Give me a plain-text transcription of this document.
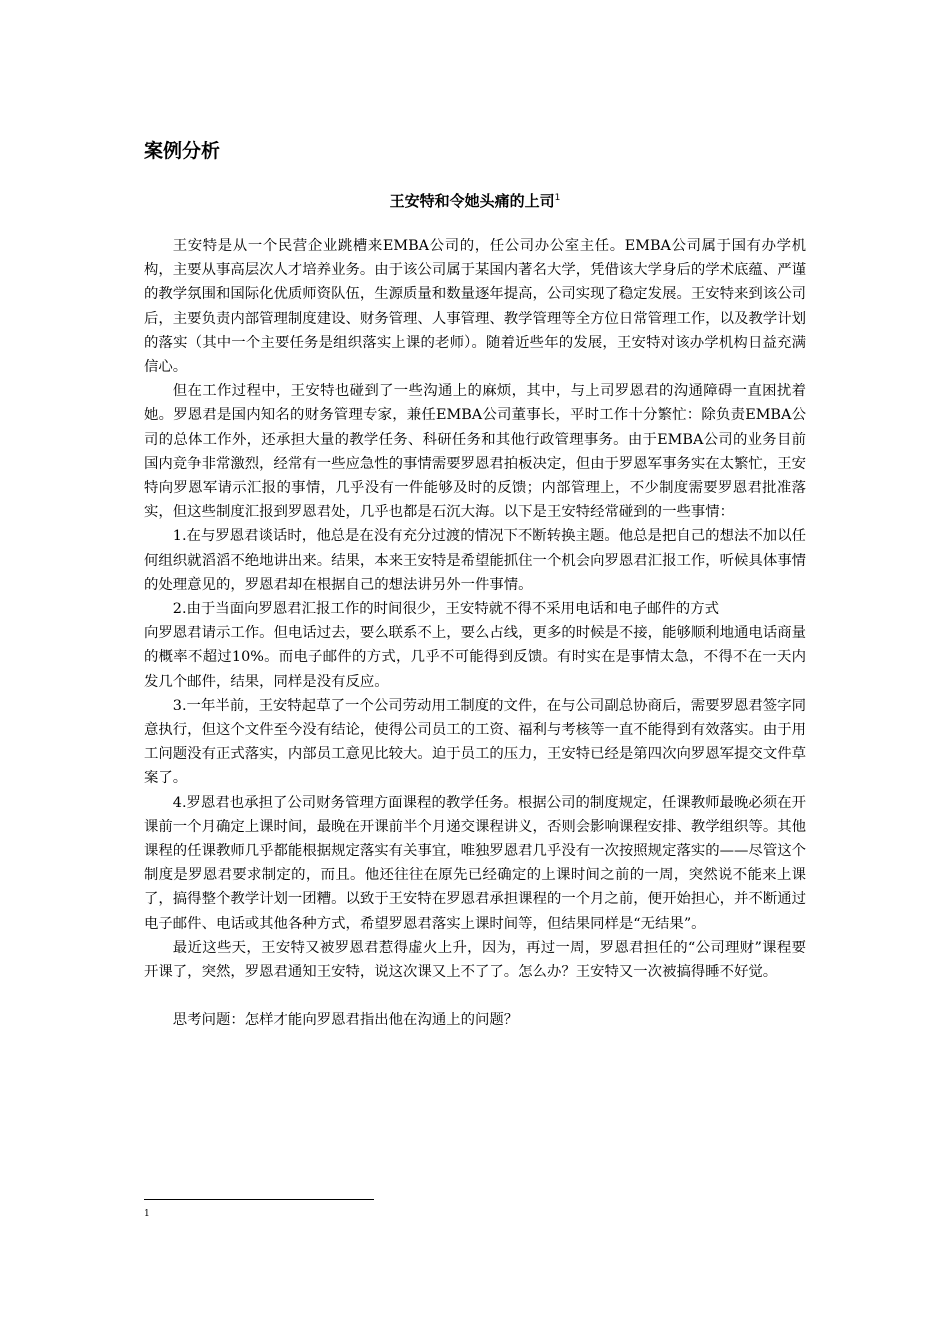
案例分析
王安特和令她头痛的上司$^1$

王安特是从一个民营企业跳槽来EMBA公司的，任公司办公室主任。EMBA公司属于国有办学机构，主要从事高层次人才培养业务。由于该公司属于某国内著名大学，凭借该大学身后的学术底蕴、严谨的教学氛围和国际化优质师资队伍，生源质量和数量逐年提高，公司实现了稳定发展。王安特来到该公司后，主要负责内部管理制度建设、财务管理、人事管理、教学管理等全方位日常管理工作，以及教学计划的落实（其中一个主要任务是组织落实上课的老师）。随着近些年的发展，王安特对该办学机构日益充满信心。

但在工作过程中，王安特也碰到了一些沟通上的麻烦，其中，与上司罗恩君的沟通障碍一直困扰着她。罗恩君是国内知名的财务管理专家，兼任EMBA公司董事长，平时工作十分繁忙：除负责EMBA公司的总体工作外，还承担大量的教学任务、科研任务和其他行政管理事务。由于EMBA公司的业务目前国内竞争非常激烈，经常有一些应急性的事情需要罗恩君拍板决定，但由于罗恩军事务实在太繁忙，王安特向罗恩军请示汇报的事情，几乎没有一件能够及时的反馈；内部管理上，不少制度需要罗恩君批准落实，但这些制度汇报到罗恩君处，几乎也都是石沉大海。以下是王安特经常碰到的一些事情：

1.在与罗恩君谈话时，他总是在没有充分过渡的情况下不断转换主题。他总是把自己的想法不加以任何组织就滔滔不绝地讲出来。结果，本来王安特是希望能抓住一个机会向罗恩君汇报工作，听候具体事情的处理意见的，罗恩君却在根据自己的想法讲另外一件事情。

2.由于当面向罗恩君汇报工作的时间很少，王安特就不得不采用电话和电子邮件的方式

向罗恩君请示工作。但电话过去，要么联系不上，要么占线，更多的时候是不接，能够顺利地通电话商量的概率不超过10%。而电子邮件的方式，几乎不可能得到反馈。有时实在是事情太急，不得不在一天内发几个邮件，结果，同样是没有反应。

3.一年半前，王安特起草了一个公司劳动用工制度的文件，在与公司副总协商后，需要罗恩君签字同意执行，但这个文件至今没有结论，使得公司员工的工资、福利与考核等一直不能得到有效落实。由于用工问题没有正式落实，内部员工意见比较大。迫于员工的压力，王安特已经是第四次向罗恩军提交文件草案了。

4.罗恩君也承担了公司财务管理方面课程的教学任务。根据公司的制度规定，任课教师最晚必须在开课前一个月确定上课时间，最晚在开课前半个月递交课程讲义，否则会影响课程安排、教学组织等。其他课程的任课教师几乎都能根据规定落实有关事宜，唯独罗恩君几乎没有一次按照规定落实的——尽管这个制度是罗恩君要求制定的，而且。他还往往在原先已经确定的上课时间之前的一周，突然说不能来上课了，搞得整个教学计划一团糟。以致于王安特在罗恩君承担课程的一个月之前，便开始担心，并不断通过电子邮件、电话或其他各种方式，希望罗恩君落实上课时间等，但结果同样是“无结果”。

最近这些天，王安特又被罗恩君惹得虚火上升，因为，再过一周，罗恩君担任的“公司理财”课程要开课了，突然，罗恩君通知王安特，说这次课又上不了了。怎么办？王安特又一次被搞得睡不好觉。

思考问题：怎样才能向罗恩君指出他在沟通上的问题？

1
